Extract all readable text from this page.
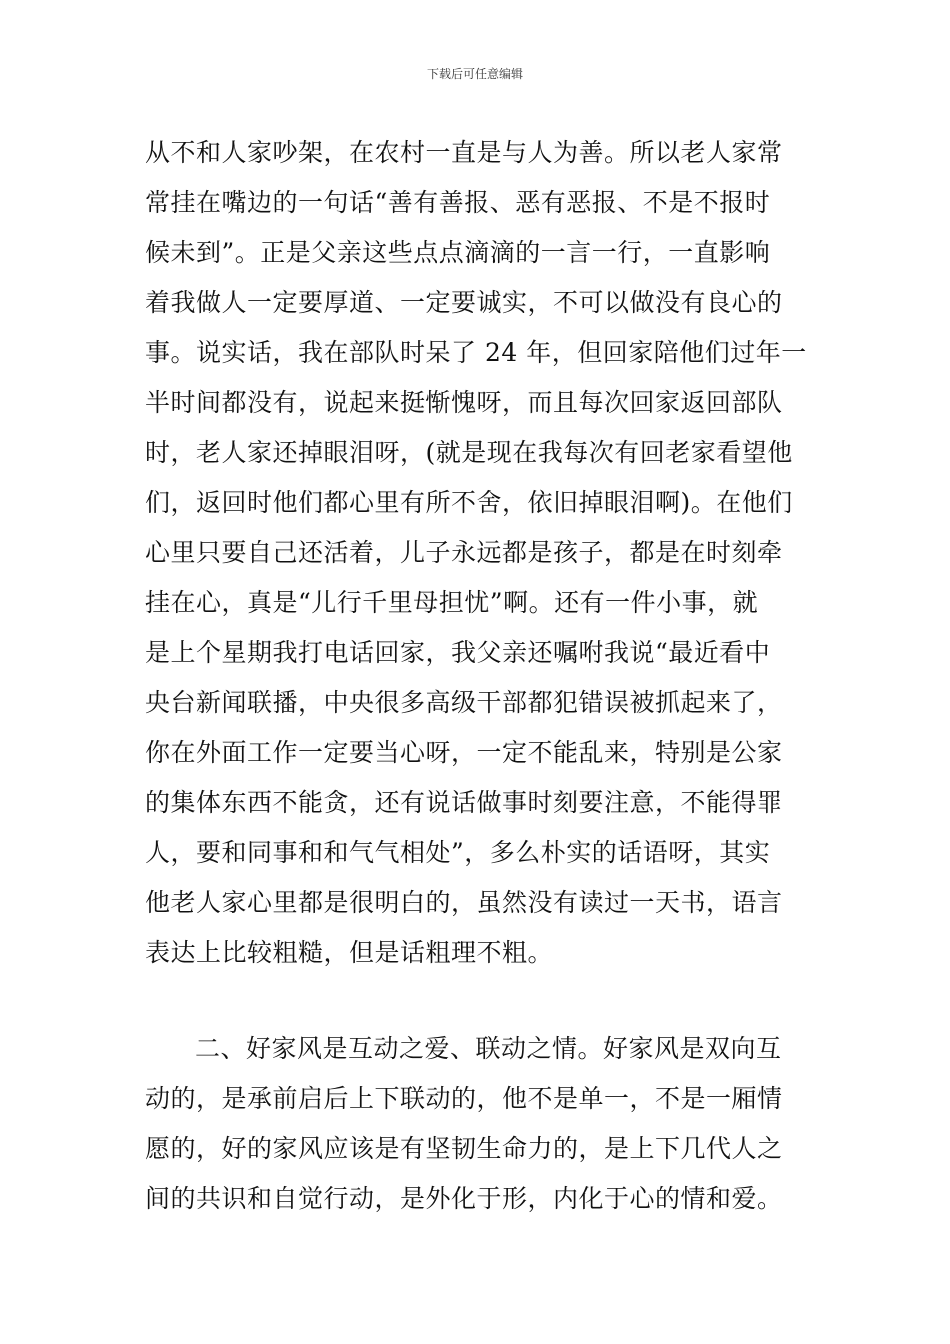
下载后可任意编辑
从不和人家吵架，在农村一直是与人为善。所以老人家常
常挂在嘴边的一句话“善有善报、恶有恶报、不是不报时
候未到”。正是父亲这些点点滴滴的一言一行，一直影响
着我做人一定要厚道、一定要诚实，不可以做没有良心的
事。说实话，我在部队时呆了 24 年，但回家陪他们过年一
半时间都没有，说起来挺惭愧呀，而且每次回家返回部队
时，老人家还掉眼泪呀，(就是现在我每次有回老家看望他
们，返回时他们都心里有所不舍，依旧掉眼泪啊)。在他们
心里只要自己还活着，儿子永远都是孩子，都是在时刻牵
挂在心，真是“儿行千里母担忧”啊。还有一件小事，就
是上个星期我打电话回家，我父亲还嘱咐我说“最近看中
央台新闻联播，中央很多高级干部都犯错误被抓起来了，
你在外面工作一定要当心呀，一定不能乱来，特别是公家
的集体东西不能贪，还有说话做事时刻要注意，不能得罪
人，要和同事和和气气相处”，多么朴实的话语呀，其实
他老人家心里都是很明白的，虽然没有读过一天书，语言
表达上比较粗糙，但是话粗理不粗。
二、好家风是互动之爱、联动之情。好家风是双向互
动的，是承前启后上下联动的，他不是单一，不是一厢情
愿的，好的家风应该是有坚韧生命力的，是上下几代人之
间的共识和自觉行动，是外化于形，内化于心的情和爱。
